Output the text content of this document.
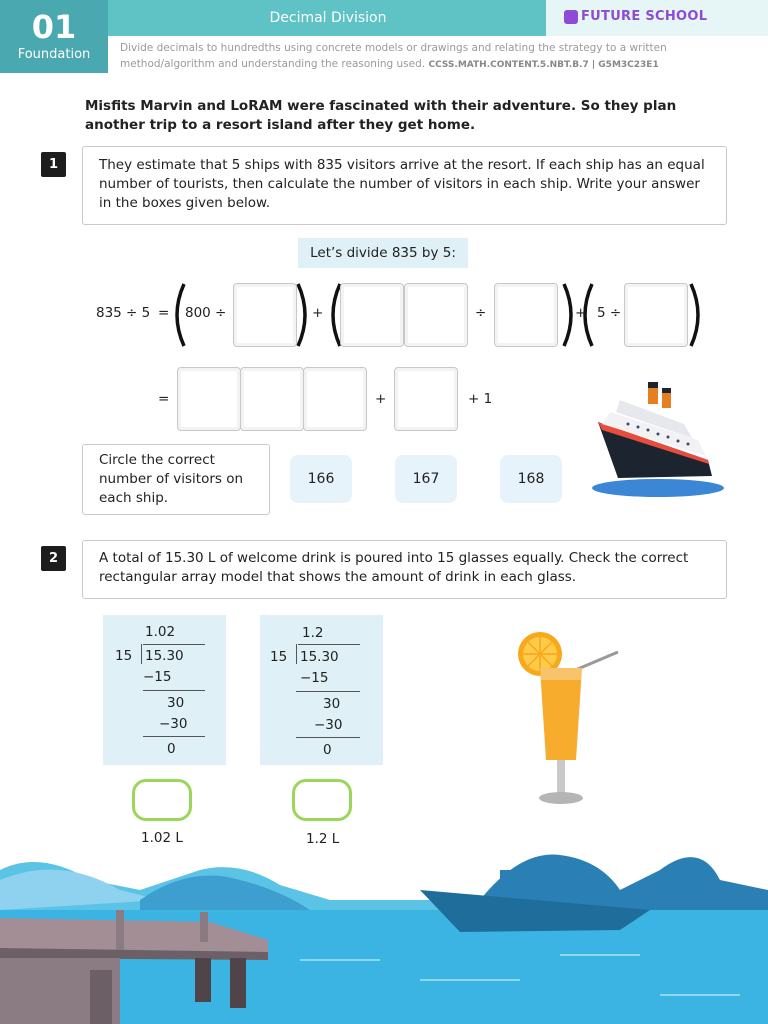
01
Foundation
Decimal Division	FUTURE SCHOOL
Divide decimals to hundredths using concrete models or drawings and relating the strategy to a written method/algorithm and understanding the reasoning used. CCSS.MATH.CONTENT.5.NBT.B.7 | G5M3C23E1
Misfits Marvin and LoRAM were fascinated with their adventure. So they plan another trip to a resort island after they get home.
1	They estimate that 5 ships with 835 visitors arrive at the resort. If each ship has an equal number of tourists, then calculate the number of visitors in each ship. Write your answer in the boxes given below.
Let’s divide 835 by 5:
835 ÷ 5 = 800 ÷	+	÷	+ 5 ÷
=	+	+ 1
Circle the correct number of visitors on each ship.
166	167	168
2	A total of 15.30 L of welcome drink is poured into 15 glasses equally. Check the correct rectangular array model that shows the amount of drink in each glass.
1.02
15 15.30
−15
30
−30
0
1.2
15 15.30
−15
30
−30
0
1.02 L	1.2 L
